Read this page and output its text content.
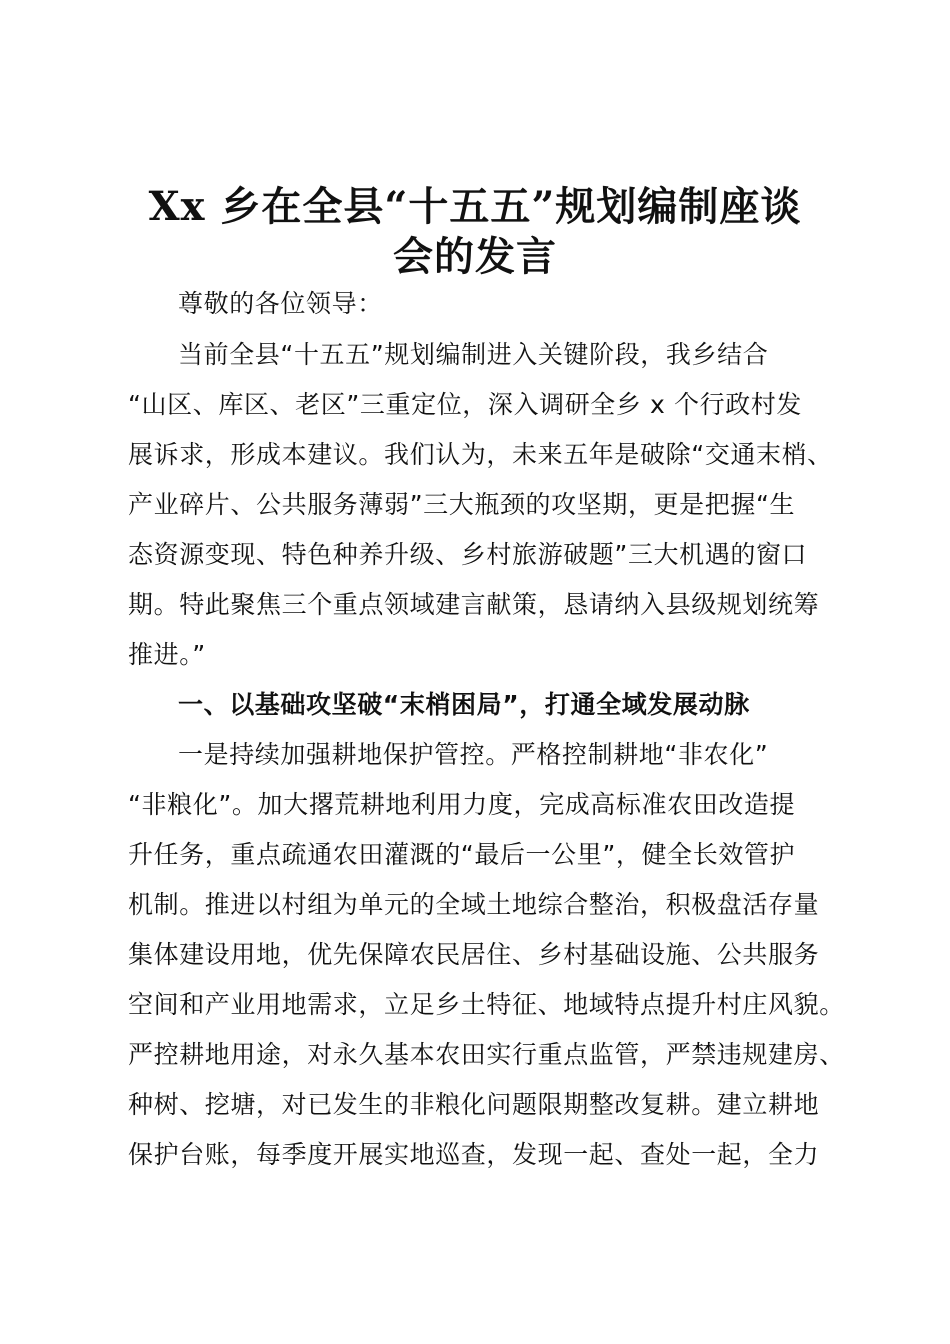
Xx 乡在全县“十五五”规划编制座谈
会的发言

尊敬的各位领导：

当前全县“十五五”规划编制进入关键阶段，我乡结合

“山区、库区、老区”三重定位，深入调研全乡 x 个行政村发

展诉求，形成本建议。我们认为，未来五年是破除“交通末梢、

产业碎片、公共服务薄弱”三大瓶颈的攻坚期，更是把握“生

态资源变现、特色种养升级、乡村旅游破题”三大机遇的窗口

期。特此聚焦三个重点领域建言献策，恳请纳入县级规划统筹

推进。”

一、以基础攻坚破“末梢困局”，打通全域发展动脉

一是持续加强耕地保护管控。严格控制耕地“非农化”

“非粮化”。加大撂荒耕地利用力度，完成高标准农田改造提

升任务，重点疏通农田灌溉的“最后一公里”，健全长效管护

机制。推进以村组为单元的全域土地综合整治，积极盘活存量

集体建设用地，优先保障农民居住、乡村基础设施、公共服务

空间和产业用地需求，立足乡土特征、地域特点提升村庄风貌。

严控耕地用途，对永久基本农田实行重点监管，严禁违规建房、

种树、挖塘，对已发生的非粮化问题限期整改复耕。建立耕地

保护台账，每季度开展实地巡查，发现一起、查处一起，全力
